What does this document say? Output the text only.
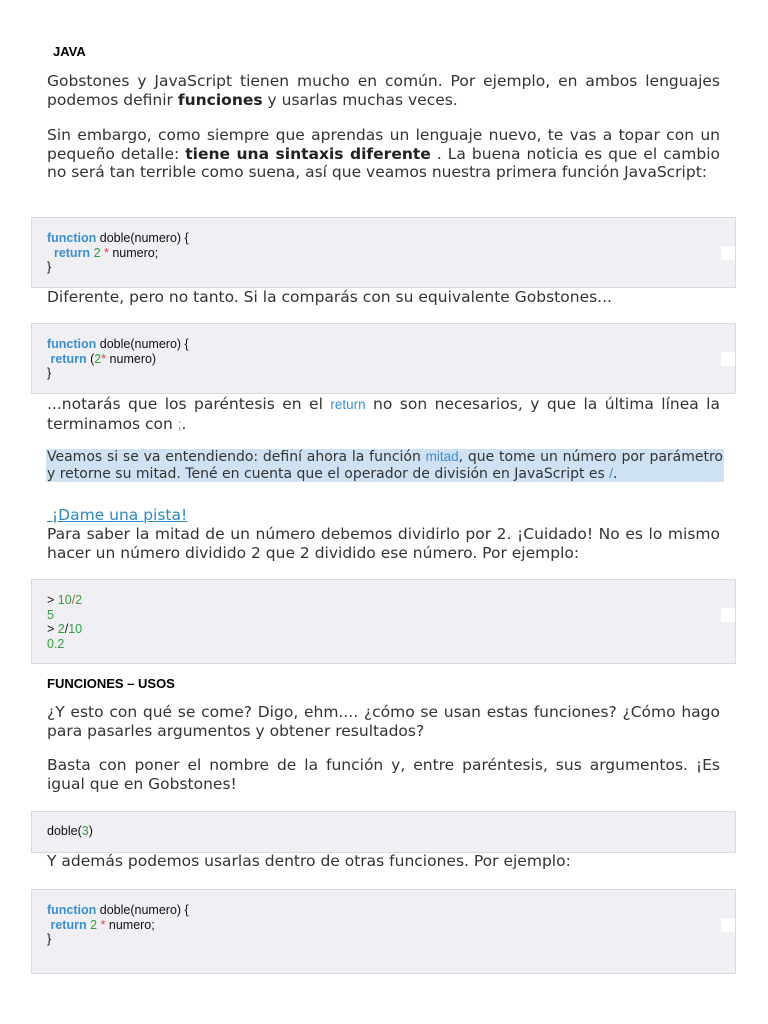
JAVA
Gobstones y JavaScript tienen mucho en común. Por ejemplo, en ambos lenguajes podemos definir funciones y usarlas muchas veces.
Sin embargo, como siempre que aprendas un lenguaje nuevo, te vas a topar con un pequeño detalle: tiene una sintaxis diferente . La buena noticia es que el cambio no será tan terrible como suena, así que veamos nuestra primera función JavaScript:
function doble(numero) {
return 2 * numero;
}
Diferente, pero no tanto. Si la comparás con su equivalente Gobstones...
function doble(numero) {
return (2* numero)
}
...notarás que los paréntesis en el return no son necesarios, y que la última línea la terminamos con ;.
Veamos si se va entendiendo: definí ahora la función mitad, que tome un número por parámetro y retorne su mitad. Tené en cuenta que el operador de división en JavaScript es /.
¡Dame una pista!
Para saber la mitad de un número debemos dividirlo por 2. ¡Cuidado! No es lo mismo hacer un número dividido 2 que 2 dividido ese número. Por ejemplo:
> 10/2
5
> 2/10
0.2
FUNCIONES – USOS
¿Y esto con qué se come? Digo, ehm.... ¿cómo se usan estas funciones? ¿Cómo hago para pasarles argumentos y obtener resultados?
Basta con poner el nombre de la función y, entre paréntesis, sus argumentos. ¡Es igual que en Gobstones!
doble(3)
Y además podemos usarlas dentro de otras funciones. Por ejemplo:
function doble(numero) {
return 2 * numero;
}
